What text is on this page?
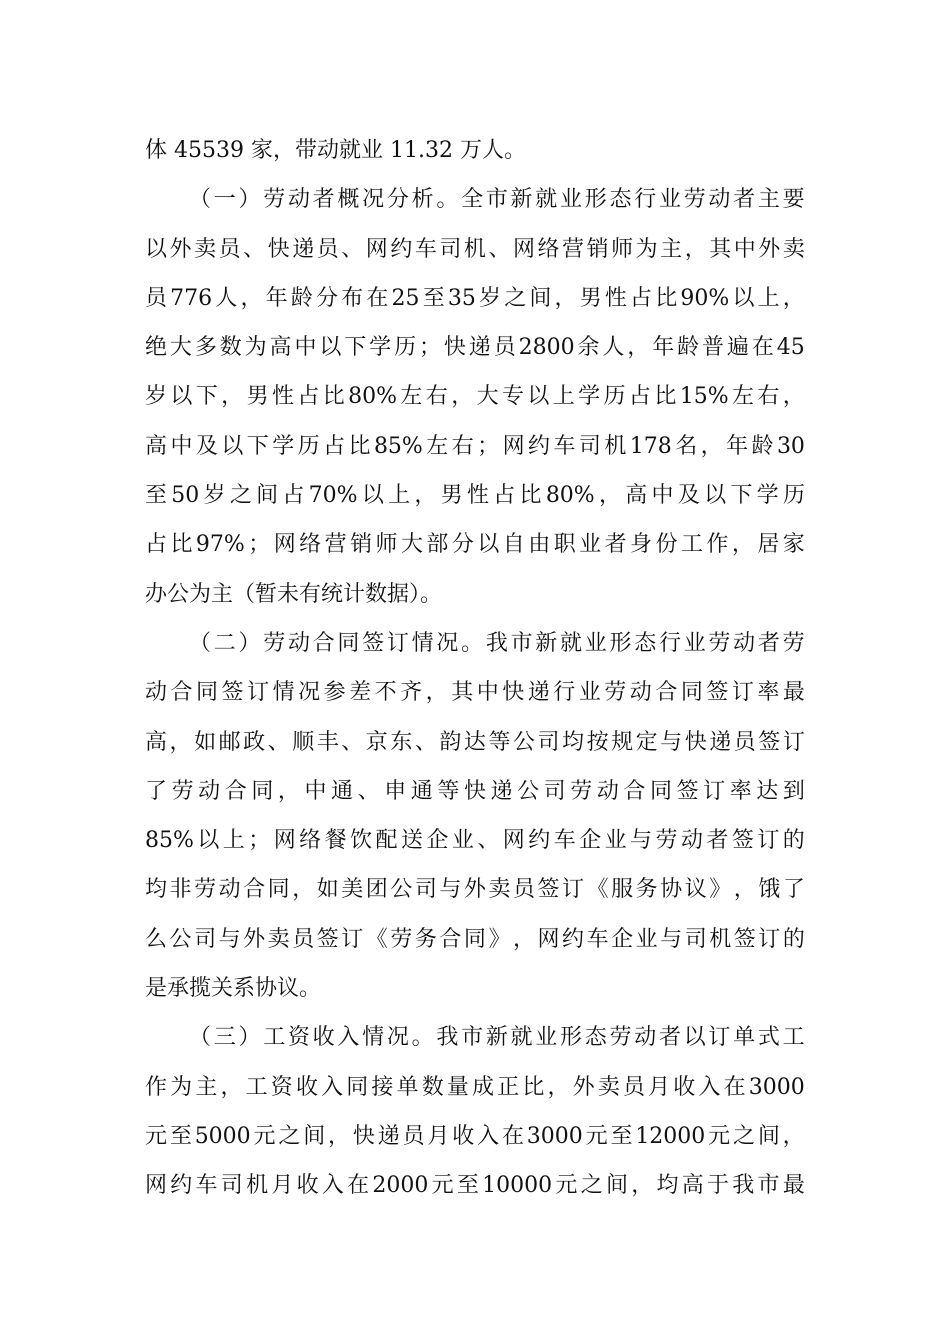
体 45539 家，带动就业 11.32 万人。
（ 一 ） 劳 动 者 概 况 分 析 。 全 市 新 就 业 形 态 行 业 劳 动 者 主 要
以 外 卖 员 、 快 递 员 、 网 约 车 司 机 、 网 络 营 销 师 为 主 ， 其 中 外 卖
员 776 人 ， 年 龄 分 布 在 25 至 35 岁 之 间 ， 男 性 占 比 90% 以 上 ，
绝 大 多 数 为 高 中 以 下 学 历 ； 快 递 员 2800 余 人 ， 年 龄 普 遍 在 45
岁 以 下 ， 男 性 占 比 80% 左 右 ， 大 专 以 上 学 历 占 比 15% 左 右 ，
高 中 及 以 下 学 历 占 比 85% 左 右 ； 网 约 车 司 机 178 名 ， 年 龄 30
至 50 岁 之 间 占 70% 以 上 ， 男 性 占 比 80% ， 高 中 及 以 下 学 历
占 比 97% ； 网 络 营 销 师 大 部 分 以 自 由 职 业 者 身 份 工 作 ， 居 家
办公为主（暂未有统计数据）。
（ 二 ） 劳 动 合 同 签 订 情 况 。 我 市 新 就 业 形 态 行 业 劳 动 者 劳
动 合 同 签 订 情 况 参 差 不 齐 ， 其 中 快 递 行 业 劳 动 合 同 签 订 率 最
高 ， 如 邮 政 、 顺 丰 、 京 东 、 韵 达 等 公 司 均 按 规 定 与 快 递 员 签 订
了 劳 动 合 同 ， 中 通 、 申 通 等 快 递 公 司 劳 动 合 同 签 订 率 达 到
85% 以 上 ； 网 络 餐 饮 配 送 企 业 、 网 约 车 企 业 与 劳 动 者 签 订 的
均 非 劳 动 合 同 ， 如 美 团 公 司 与 外 卖 员 签 订 《 服 务 协 议 》 ， 饿 了
么 公 司 与 外 卖 员 签 订 《 劳 务 合 同 》 ， 网 约 车 企 业 与 司 机 签 订 的
是承揽关系协议。
（ 三 ） 工 资 收 入 情 况 。 我 市 新 就 业 形 态 劳 动 者 以 订 单 式 工
作 为 主 ， 工 资 收 入 同 接 单 数 量 成 正 比 ， 外 卖 员 月 收 入 在 3000
元 至 5000 元 之 间 ， 快 递 员 月 收 入 在 3000 元 至 12000 元 之 间 ，
网 约 车 司 机 月 收 入 在 2000 元 至 10000 元 之 间 ， 均 高 于 我 市 最
